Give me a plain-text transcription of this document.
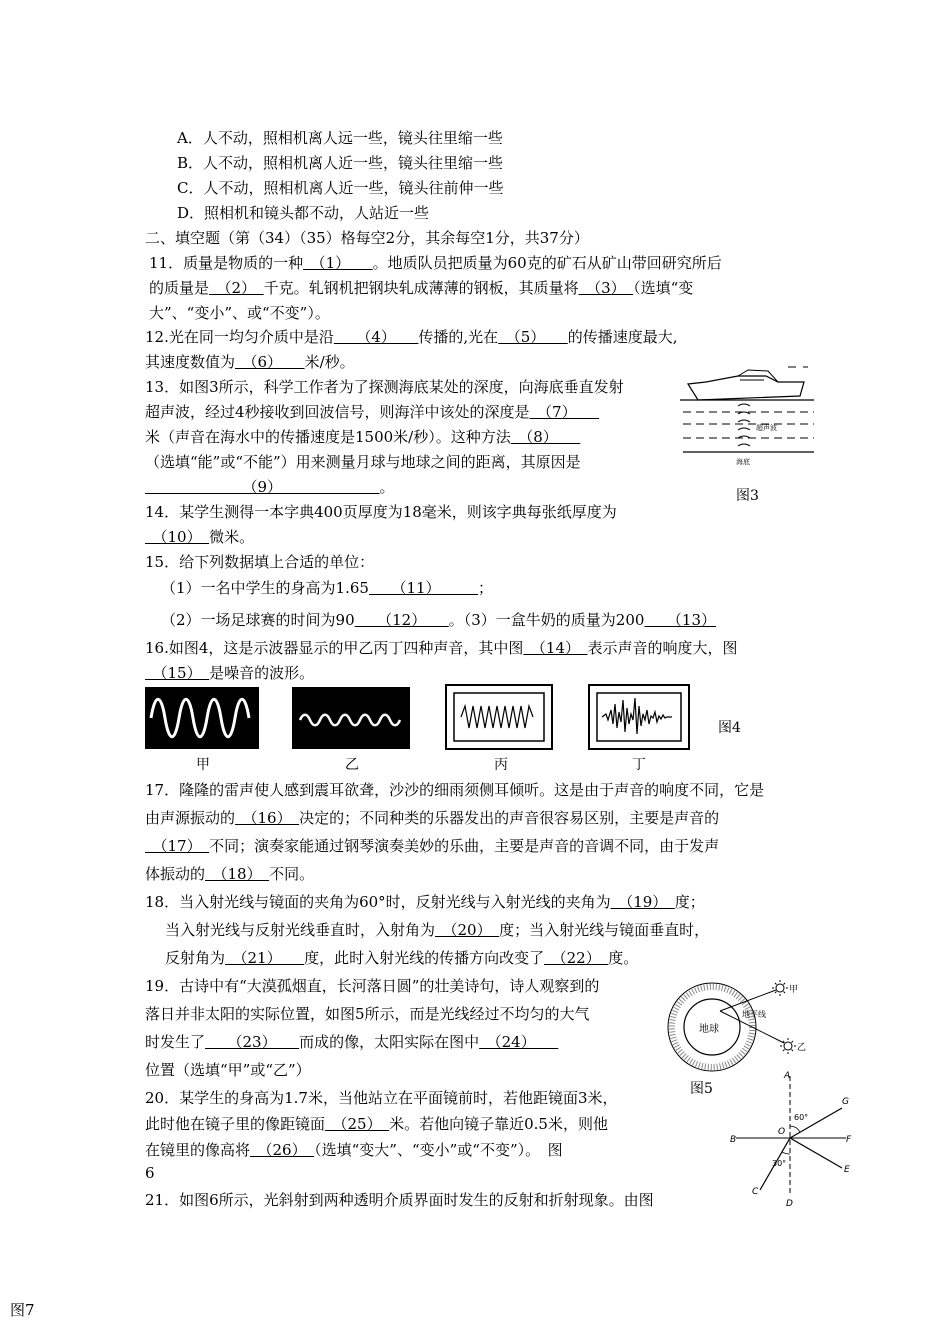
A．人不动，照相机离人远一些，镜头往里缩一些
B．人不动，照相机离人近一些，镜头往里缩一些
C．人不动，照相机离人近一些，镜头往前伸一些
D．照相机和镜头都不动，人站近一些
二、填空题（第（34）（35）格每空2分，其余每空1分，共37分）
11．质量是物质的一种　（1）　　。地质队员把质量为60克的矿石从矿山带回研究所后
的质量是　（2）　千克。轧钢机把钢块轧成薄薄的钢板，其质量将　（3）　（选填“变
大”、“变小”、或“不变”）。
12.光在同一均匀介质中是沿　　（4）　　传播的,光在　（5）　　的传播速度最大,
其速度数值为　（6）　　米/秒。
13．如图3所示，科学工作者为了探测海底某处的深度，向海底垂直发射
超声波，经过4秒接收到回波信号，则海洋中该处的深度是　（7）　　
米（声音在海水中的传播速度是1500米/秒）。这种方法　（8）　　
（选填“能”或“不能”）用来测量月球与地球之间的距离，其原因是
　　　　　　　（9）　　　　　　　。
超声波
海底
图3
14．某学生测得一本字典400页厚度为18毫米，则该字典每张纸厚度为
　（10）　微米。
15．给下列数据填上合适的单位：
（1）一名中学生的身高为1.65　　（11）　　　；
（2）一场足球赛的时间为90　　（12）　　。（3）一盒牛奶的质量为200　　（13）
16.如图4，这是示波器显示的甲乙丙丁四种声音，其中图　（14）　表示声音的响度大，图
　（15）　是噪音的波形。
图4
甲	乙	丙	丁
17．隆隆的雷声使人感到震耳欲聋，沙沙的细雨须侧耳倾听。这是由于声音的响度不同，它是
由声源振动的　（16）　决定的；不同种类的乐器发出的声音很容易区别，主要是声音的
　（17）　不同；演奏家能通过钢琴演奏美妙的乐曲，主要是声音的音调不同，由于发声
体振动的　（18）　不同。
18．当入射光线与镜面的夹角为60°时，反射光线与入射光线的夹角为　（19）　度；
当入射光线与反射光线垂直时，入射角为　（20）　度；当入射光线与镜面垂直时，
反射角为　（21）　　度，此时入射光线的传播方向改变了　（22）　度。
19．古诗中有“大漠孤烟直，长河落日圆”的壮美诗句，诗人观察到的
落日并非太阳的实际位置，如图5所示，而是光线经过不均匀的大气
时发生了　　（23）　　而成的像，太阳实际在图中　（24）　　
位置（选填“甲”或“乙”）
地球
地平线
甲
乙
图5
20．某学生的身高为1.7米，当他站立在平面镜前时，若他距镜面3米，
此时他在镜子里的像距镜面　（25）　米。若他向镜子靠近0.5米，则他
在镜里的像高将　（26）　（选填“变大”、“变小”或“不变”）。　图
6
A
B
C
D
E
F
G
O
60°
30°
21．如图6所示，光斜射到两种透明介质界面时发生的反射和折射现象。由图
图7
